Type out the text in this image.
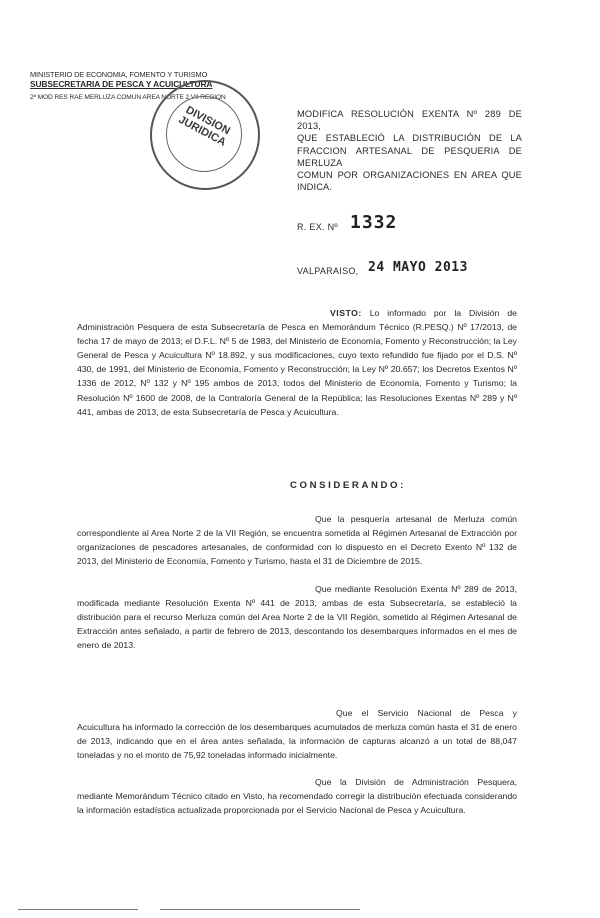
MINISTERIO DE ECONOMIA, FOMENTO Y TURISMO
SUBSECRETARIA DE PESCA Y ACUICULTURA
2ª MOD RES RAE MERLUZA COMUN AREA NORTE 2 VII REGION
DIVISION JURIDICA	MODIFICA RESOLUCIÓN EXENTA Nº 289 DE 2013,
QUE ESTABLECIÓ LA DISTRIBUCIÓN DE LA
FRACCION ARTESANAL DE PESQUERIA DE MERLUZA
COMUN POR ORGANIZACIONES EN AREA QUE
INDICA.
R. EX. Nº 1332
VALPARAISO, 24 MAYO 2013
VISTO: Lo informado por la División de Administración Pesquera de esta Subsecretaría de Pesca en Memorándum Técnico (R.PESQ.) Nº 17/2013, de fecha 17 de mayo de 2013; el D.F.L. Nº 5 de 1983, del Ministerio de Economía, Fomento y Reconstrucción; la Ley General de Pesca y Acuicultura Nº 18.892, y sus modificaciones, cuyo texto refundido fue fijado por el D.S. Nº 430, de 1991, del Ministerio de Economía, Fomento y Reconstrucción; la Ley Nº 20.657; los Decretos Exentos Nº 1336 de 2012, Nº 132 y Nº 195 ambos de 2013, todos del Ministerio de Economía, Fomento y Turismo; la Resolución Nº 1600 de 2008, de la Contraloría General de la República; las Resoluciones Exentas Nº 289 y Nº 441, ambas de 2013, de esta Subsecretaría de Pesca y Acuicultura.
CONSIDERANDO:
Que la pesquería artesanal de Merluza común correspondiente al Area Norte 2 de la VII Región, se encuentra sometida al Régimen Artesanal de Extracción por organizaciones de pescadores artesanales, de conformidad con lo dispuesto en el Decreto Exento Nº 132 de 2013, del Ministerio de Economía, Fomento y Turismo, hasta el 31 de Diciembre de 2015.
Que mediante Resolución Exenta Nº 289 de 2013, modificada mediante Resolución Exenta Nº 441 de 2013, ambas de esta Subsecretaría, se estableció la distribución para el recurso Merluza común del Area Norte 2 de la VII Región, sometido al Régimen Artesanal de Extracción antes señalado, a partir de febrero de 2013, descontando los desembarques informados en el mes de enero de 2013.
Que el Servicio Nacional de Pesca y Acuicultura ha informado la corrección de los desembarques acumulados de merluza común hasta el 31 de enero de 2013, indicando que en el área antes señalada, la información de capturas alcanzó a un total de 88,047 toneladas y no el monto de 75,92 toneladas informado inicialmente.
Que la División de Administración Pesquera, mediante Memorándum Técnico citado en Visto, ha recomendado corregir la distribución efectuada considerando la información estadística actualizada proporcionada por el Servicio Nacional de Pesca y Acuicultura.
